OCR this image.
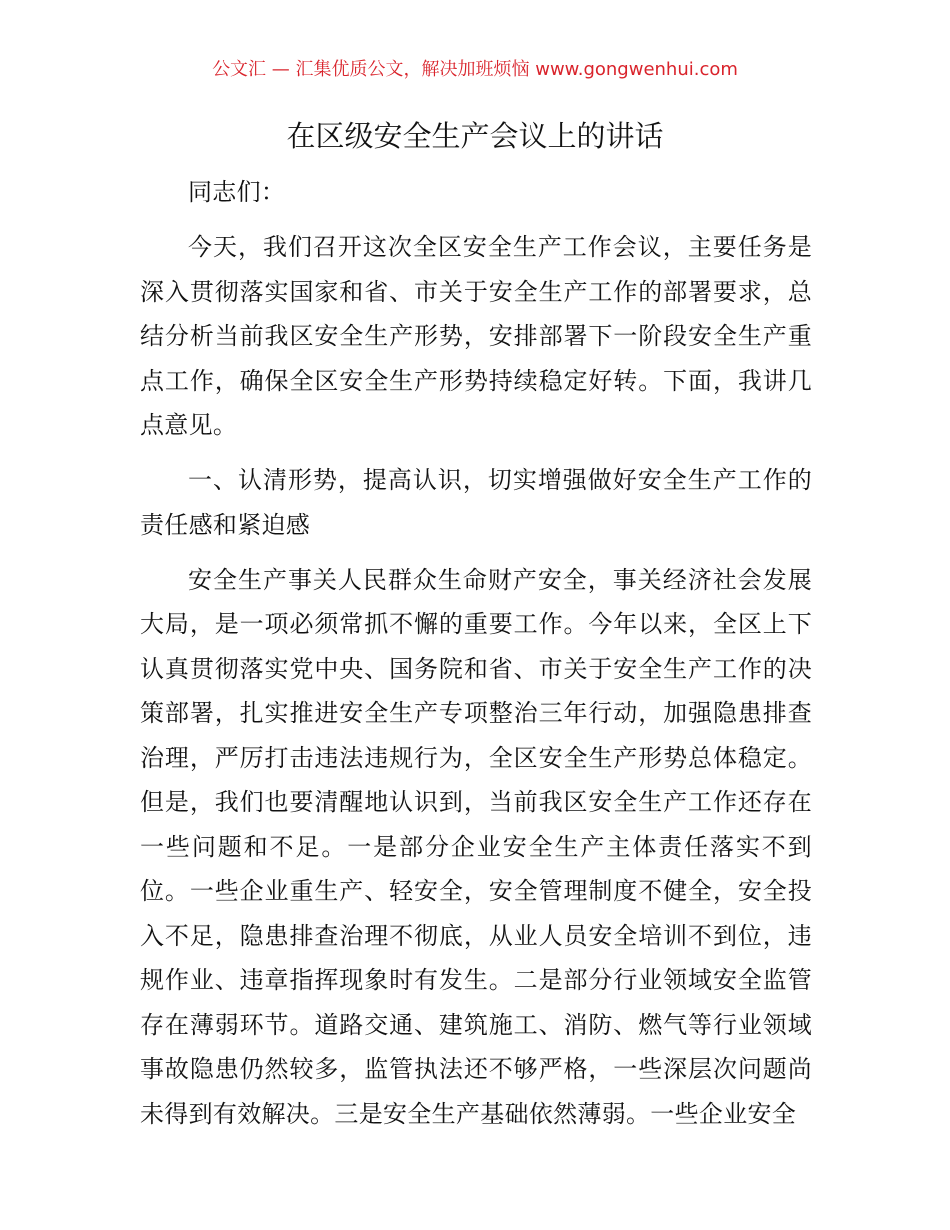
公文汇 — 汇集优质公文，解决加班烦恼 www.gongwenhui.com
在区级安全生产会议上的讲话

同志们：

今天，我们召开这次全区安全生产工作会议，主要任务是深入贯彻落实国家和省、市关于安全生产工作的部署要求，总结分析当前我区安全生产形势，安排部署下一阶段安全生产重点工作，确保全区安全生产形势持续稳定好转。下面，我讲几点意见。

一、认清形势，提高认识，切实增强做好安全生产工作的责任感和紧迫感

安全生产事关人民群众生命财产安全，事关经济社会发展大局，是一项必须常抓不懈的重要工作。今年以来，全区上下认真贯彻落实党中央、国务院和省、市关于安全生产工作的决策部署，扎实推进安全生产专项整治三年行动，加强隐患排查治理，严厉打击违法违规行为，全区安全生产形势总体稳定。但是，我们也要清醒地认识到，当前我区安全生产工作还存在一些问题和不足。一是部分企业安全生产主体责任落实不到位。一些企业重生产、轻安全，安全管理制度不健全，安全投入不足，隐患排查治理不彻底，从业人员安全培训不到位，违规作业、违章指挥现象时有发生。二是部分行业领域安全监管存在薄弱环节。道路交通、建筑施工、消防、燃气等行业领域事故隐患仍然较多，监管执法还不够严格，一些深层次问题尚未得到有效解决。三是安全生产基础依然薄弱。一些企业安全
